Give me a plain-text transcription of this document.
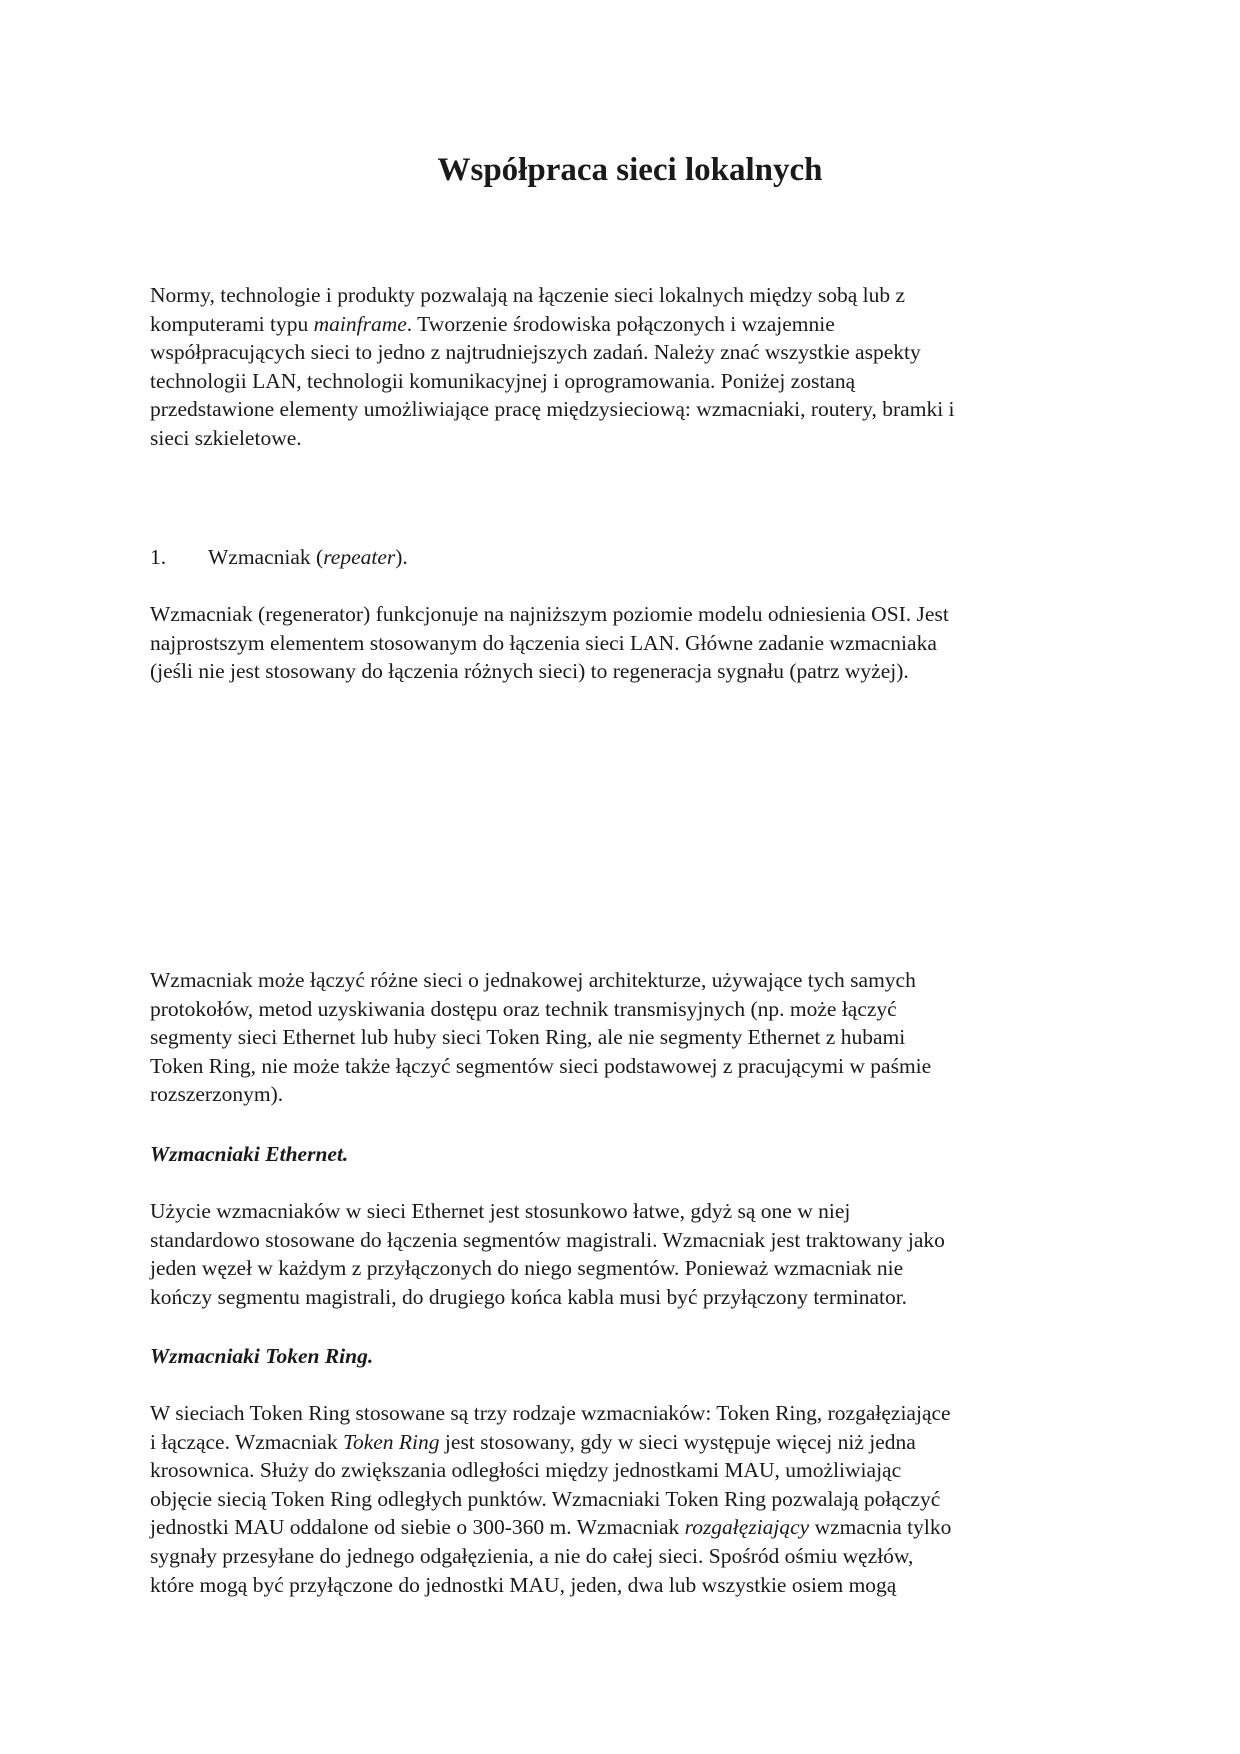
Współpraca sieci lokalnych

Normy, technologie i produkty pozwalają na łączenie sieci lokalnych między sobą lub z
komputerami typu mainframe. Tworzenie środowiska połączonych i wzajemnie
współpracujących sieci to jedno z najtrudniejszych zadań. Należy znać wszystkie aspekty
technologii LAN, technologii komunikacyjnej i oprogramowania. Poniżej zostaną
przedstawione elementy umożliwiające pracę międzysieciową: wzmacniaki, routery, bramki i
sieci szkieletowe.

1. Wzmacniak (repeater).

Wzmacniak (regenerator) funkcjonuje na najniższym poziomie modelu odniesienia OSI. Jest
najprostszym elementem stosowanym do łączenia sieci LAN. Główne zadanie wzmacniaka
(jeśli nie jest stosowany do łączenia różnych sieci) to regeneracja sygnału (patrz wyżej).

Wzmacniak może łączyć różne sieci o jednakowej architekturze, używające tych samych
protokołów, metod uzyskiwania dostępu oraz technik transmisyjnych (np. może łączyć
segmenty sieci Ethernet lub huby sieci Token Ring, ale nie segmenty Ethernet z hubami
Token Ring, nie może także łączyć segmentów sieci podstawowej z pracującymi w paśmie
rozszerzonym).

Wzmacniaki Ethernet.

Użycie wzmacniaków w sieci Ethernet jest stosunkowo łatwe, gdyż są one w niej
standardowo stosowane do łączenia segmentów magistrali. Wzmacniak jest traktowany jako
jeden węzeł w każdym z przyłączonych do niego segmentów. Ponieważ wzmacniak nie
kończy segmentu magistrali, do drugiego końca kabla musi być przyłączony terminator.

Wzmacniaki Token Ring.

W sieciach Token Ring stosowane są trzy rodzaje wzmacniaków: Token Ring, rozgałęziające
i łączące. Wzmacniak Token Ring jest stosowany, gdy w sieci występuje więcej niż jedna
krosownica. Służy do zwiększania odległości między jednostkami MAU, umożliwiając
objęcie siecią Token Ring odległych punktów. Wzmacniaki Token Ring pozwalają połączyć
jednostki MAU oddalone od siebie o 300-360 m. Wzmacniak rozgałęziający wzmacnia tylko
sygnały przesyłane do jednego odgałęzienia, a nie do całej sieci. Spośród ośmiu węzłów,
które mogą być przyłączone do jednostki MAU, jeden, dwa lub wszystkie osiem mogą
